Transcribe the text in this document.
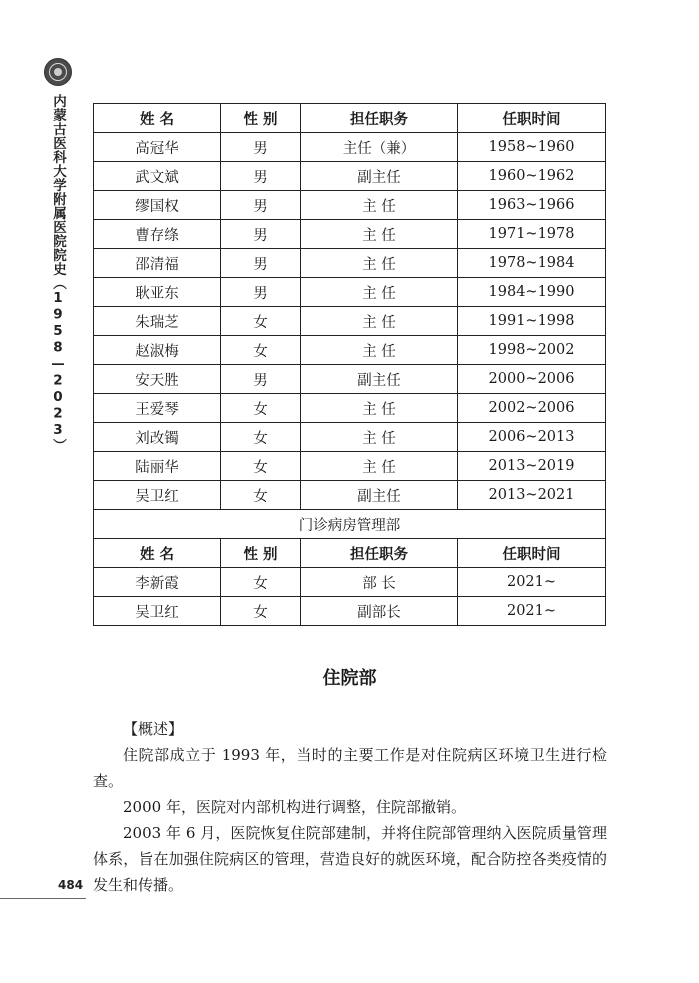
内蒙古医科大学附属医院院史（1958—2023）	姓 名	性 别	担任职务	任职时间
高冠华	男	主任（兼）	1958~1960
武文斌	男	副主任	1960~1962
缪国权	男	主 任	1963~1966
曹存绦	男	主 任	1971~1978
邵清福	男	主 任	1978~1984
耿亚东	男	主 任	1984~1990
朱瑞芝	女	主 任	1991~1998
赵淑梅	女	主 任	1998~2002
安天胜	男	副主任	2000~2006
王爱琴	女	主 任	2002~2006
刘改镯	女	主 任	2006~2013
陆丽华	女	主 任	2013~2019
吴卫红	女	副主任	2013~2021
门诊病房管理部			
姓 名	性 别	担任职务	任职时间
李新霞	女	部 长	2021~
吴卫红	女	副部长	2021~
住院部

【概述】

住院部成立于 1993 年，当时的主要工作是对住院病区环境卫生进行检查。

2000 年，医院对内部机构进行调整，住院部撤销。

2003 年 6 月，医院恢复住院部建制，并将住院部管理纳入医院质量管理体系，旨在加强住院病区的管理，营造良好的就医环境，配合防控各类疫情的发生和传播。

484
